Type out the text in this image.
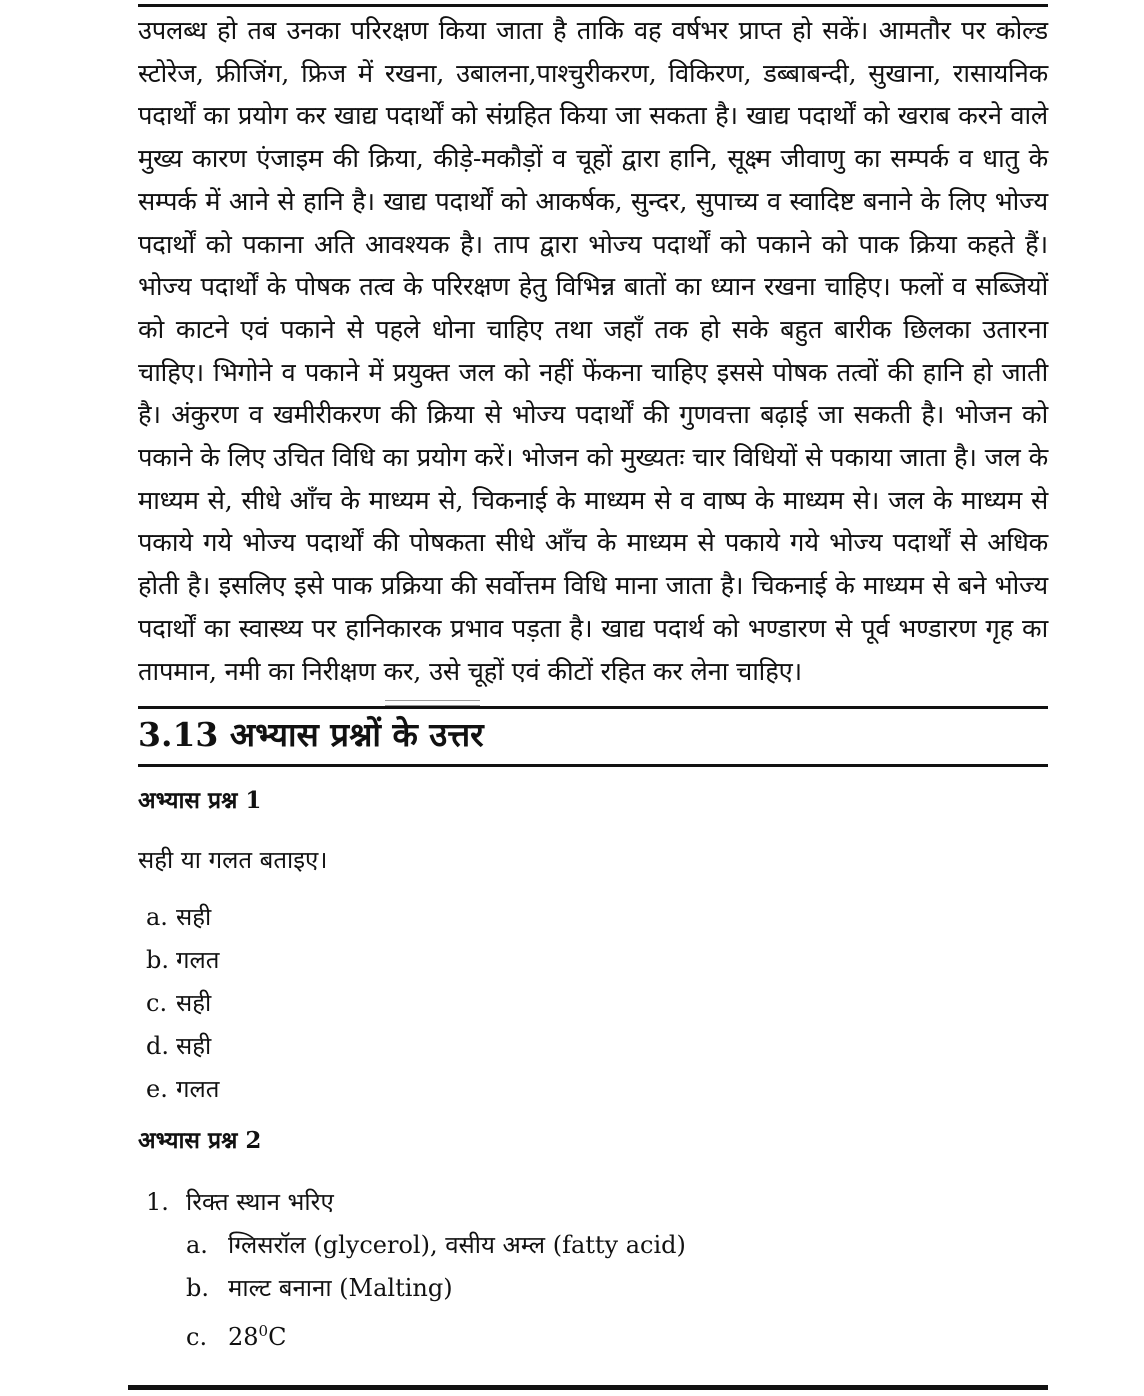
उपलब्ध हो तब उनका परिरक्षण किया जाता है ताकि वह वर्षभर प्राप्त हो सकें। आमतौर पर कोल्ड स्टोरेज, फ्रीजिंग, फ्रिज में रखना, उबालना,पाश्चुरीकरण, विकिरण, डब्बाबन्दी, सुखाना, रासायनिक पदार्थों का प्रयोग कर खाद्य पदार्थों को संग्रहित किया जा सकता है। खाद्य पदार्थों को खराब करने वाले मुख्य कारण एंजाइम की क्रिया, कीड़े-मकौड़ों व चूहों द्वारा हानि, सूक्ष्म जीवाणु का सम्पर्क व धातु के सम्पर्क में आने से हानि है। खाद्य पदार्थों को आकर्षक, सुन्दर, सुपाच्य व स्वादिष्ट बनाने के लिए भोज्य पदार्थों को पकाना अति आवश्यक है। ताप द्वारा भोज्य पदार्थों को पकाने को पाक क्रिया कहते हैं। भोज्य पदार्थों के पोषक तत्व के परिरक्षण हेतु विभिन्न बातों का ध्यान रखना चाहिए। फलों व सब्जियों को काटने एवं पकाने से पहले धोना चाहिए तथा जहाँ तक हो सके बहुत बारीक छिलका उतारना चाहिए। भिगोने व पकाने में प्रयुक्त जल को नहीं फेंकना चाहिए इससे पोषक तत्वों की हानि हो जाती है। अंकुरण व खमीरीकरण की क्रिया से भोज्य पदार्थों की गुणवत्ता बढ़ाई जा सकती है। भोजन को पकाने के लिए उचित विधि का प्रयोग करें। भोजन को मुख्यतः चार विधियों से पकाया जाता है। जल के माध्यम से, सीधे आँच के माध्यम से, चिकनाई के माध्यम से व वाष्प के माध्यम से। जल के माध्यम से पकाये गये भोज्य पदार्थों की पोषकता सीधे आँच के माध्यम से पकाये गये भोज्य पदार्थों से अधिक होती है। इसलिए इसे पाक प्रक्रिया की सर्वोत्तम विधि माना जाता है। चिकनाई के माध्यम से बने भोज्य पदार्थों का स्वास्थ्य पर हानिकारक प्रभाव पड़ता है। खाद्य पदार्थ को भण्डारण से पूर्व भण्डारण गृह का तापमान, नमी का निरीक्षण कर, उसे चूहों एवं कीटों रहित कर लेना चाहिए।
3.13 अभ्यास प्रश्नों के उत्तर
अभ्यास प्रश्न 1
सही या गलत बताइए।
a. सही
b. गलत
c. सही
d. सही
e. गलत
अभ्यास प्रश्न 2
1. रिक्त स्थान भरिए
a. ग्लिसरॉल (glycerol), वसीय अम्ल (fatty acid)
b. माल्ट बनाना (Malting)
c. $28^0C$
